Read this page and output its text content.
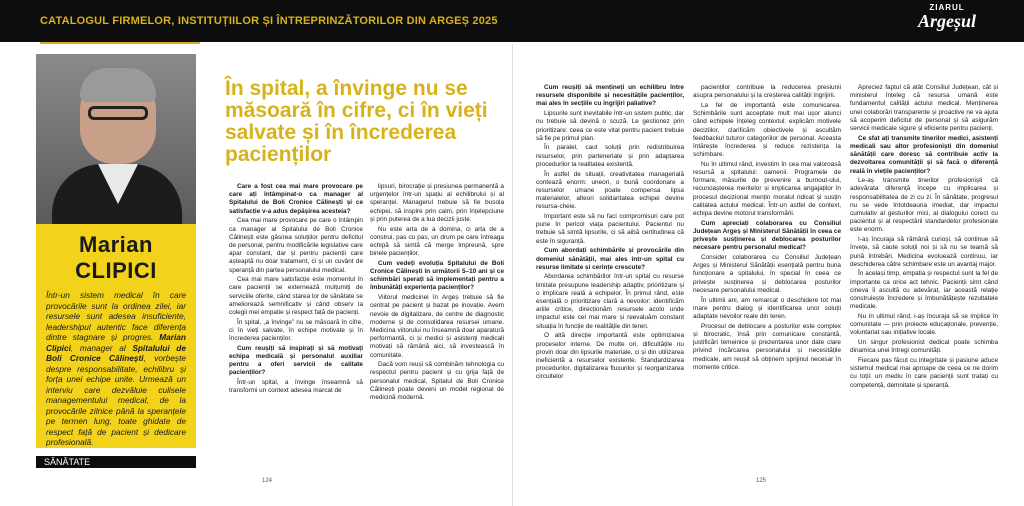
CATALOGUL FIRMELOR, INSTITUȚIILOR ȘI ÎNTREPRINZĂTORILOR DIN ARGEȘ 2025
ZIARUL
Argeșul
Marian
CLIPICI
Într-un sistem medical în care provocările sunt la ordinea zilei, iar resursele sunt adesea insuficiente, leadershipul autentic face diferența dintre stagnare și progres. Marian Clipici, manager al Spitalului de Boli Cronice Călinești, vorbește despre responsabilitate, echilibru și forța unei echipe unite. Urmează un interviu care dezvăluie culisele managementului medical, de la provocările zilnice până la speranțele pe termen lung, toate ghidate de respect față de pacient și dedicare profesională.
SĂNĂTATE
În spital, a învinge nu se măsoară în cifre, ci în vieți salvate și în încrederea pacienților

Care a fost cea mai mare provocare pe care ați întâmpinat-o ca manager al Spitalului de Boli Cronice Călinești și ce satisfacție v-a adus depășirea acesteia?

Cea mai mare provocare pe care o întâmpin ca manager al Spitalului de Boli Cronice Călinești este găsirea soluțiilor pentru deficitul de personal, pentru modificările legislative care apar constant, dar și pentru pacienții care așteaptă nu doar tratament, ci și un cuvânt de speranță din partea personalului medical.

Cea mai mare satisfacție este momentul în care pacienții se externează mulțumiți de serviciile oferite, când starea lor de sănătate se ameliorează semnificativ și când observ la colegii mei empatie și respect față de pacienți.

În spital, „a învinge” nu se măsoară în cifre, ci în vieți salvate, în echipe motivate și în încrederea pacienților.

Cum reușiți să inspirați și să motivați echipa medicală și personalul auxiliar pentru a oferi servicii de calitate pacienților?

Într-un spital, a învinge înseamnă să transformi un context adesea marcat de

lipsuri, birocrație și presiunea permanentă a urgențelor într-un spațiu al echilibrului și al speranței. Managerul trebuie să fie busola echipei, să inspire prin calm, prin înțelepciune și prin puterea de a lua decizii juste.

Nu este arta de a domina, ci arta de a construi, pas cu pas, un drum pe care întreaga echipă să simtă că merge împreună, spre binele pacienților.

Cum vedeți evoluția Spitalului de Boli Cronice Călinești în următorii 5–10 ani și ce schimbări sperați să implementați pentru a îmbunătăți experiența pacienților?

Viitorul medicinei în Argeș trebuie să fie centrat pe pacient și bazat pe inovație. Avem nevoie de digitalizare, de centre de diagnostic moderne și de consolidarea resursei umane. Medicina viitorului nu înseamnă doar aparatură performantă, ci și medici și asistenți medicali motivați să rămână aici, să investească în comunitate.

Dacă vom reuși să combinăm tehnologia cu respectul pentru pacient și cu grija față de personalul medical, Spitalul de Boli Cronice Călinești poate deveni un model regional de medicină modernă.

Cum reușiți să mențineți un echilibru între resursele disponibile și necesitățile pacienților, mai ales în secțiile cu îngrijiri paliative?

Lipsurile sunt inevitabile într-un sistem public, dar nu trebuie să devină o scuză. Le gestionez prin prioritizare: ceea ce este vital pentru pacient trebuie să fie pe primul plan.

În paralel, caut soluții prin redistribuirea resurselor, prin parteneriate și prin adaptarea procedurilor la realitatea existentă.

În astfel de situații, creativitatea managerială contează enorm: uneori, o bună coordonare a resurselor umane poate compensa lipsa materialelor, alteori solidaritatea echipei devine resursa-cheie.

Important este să nu faci compromisuri care pot pune în pericol viața pacientului. Pacientul nu trebuie să simtă lipsurile, ci să aibă certitudinea că este în siguranță.

Cum abordați schimbările și provocările din domeniul sănătății, mai ales într-un spital cu resurse limitate și cerințe crescute?

Abordarea schimbărilor într-un spital cu resurse limitate presupune leadership adaptiv, prioritizare și o implicare reală a echipelor. În primul rând, este esențială o prioritizare clară a nevoilor: identificăm ariile critice, direcționăm resursele acolo unde impactul este cel mai mare și reevaluăm constant situația în funcție de realitățile din teren.

O altă direcție importantă este optimizarea proceselor interne. De multe ori, dificultățile nu provin doar din lipsurile materiale, ci și din utilizarea ineficientă a resurselor existente. Standardizarea procedurilor, digitalizarea fluxurilor și reorganizarea circuitelor

pacienților contribuie la reducerea presiunii asupra personalului și la creșterea calității îngrijirii.

La fel de importantă este comunicarea. Schimbările sunt acceptate mult mai ușor atunci când echipele înțeleg contextul: explicăm motivele deciziilor, clarificăm obiectivele și ascultăm feedbackul tuturor categoriilor de personal. Aceasta întărește încrederea și reduce rezistența la schimbare.

Nu în ultimul rând, investim în cea mai valoroasă resursă a spitalului: oamenii. Programele de formare, măsurile de prevenire a burnout-ului, recunoașterea meritelor și implicarea angajaților în procesul decizional mențin moralul ridicat și susțin calitatea actului medical. Într-un astfel de context, echipa devine motorul transformării.

Cum apreciați colaborarea cu Consiliul Județean Argeș și Ministerul Sănătății în ceea ce privește susținerea și deblocarea posturilor necesare pentru personalul medical?

Consider colaborarea cu Consiliul Județean Argeș și Ministerul Sănătății esențială pentru buna funcționare a spitalului, în special în ceea ce privește susținerea și deblocarea posturilor necesare personalului medical.

În ultimii ani, am remarcat o deschidere tot mai mare pentru dialog și identificarea unor soluții adaptate nevoilor reale din teren.

Procesul de deblocare a posturilor este complex și birocratic, însă prin comunicare constantă, justificări temeinice și prezentarea unor date clare privind încărcarea personalului și necesitățile medicale, am reușit să obținem sprijinul necesar în momente critice.

Apreciez faptul că atât Consiliul Județean, cât și ministerul înțeleg că resursa umană este fundamentul calității actului medical. Menținerea unei colaborări transparente și proactive ne va ajuta să acoperim deficitul de personal și să asigurăm servicii medicale sigure și eficiente pentru pacienți.

Ce sfat ați transmite tinerilor medici, asistenți medicali sau altor profesioniști din domeniul sănătății care doresc să contribuie activ la dezvoltarea comunității și să facă o diferență reală în viețile pacienților?

Le-aș transmite tinerilor profesioniști că adevărata diferență începe cu implicarea și responsabilitatea de zi cu zi. În sănătate, progresul nu se vede întotdeauna imediat, dar impactul cumulativ al gesturilor mici, al dialogului corect cu pacientul și al respectării standardelor profesionale este enorm.

I-aș încuraja să rămână curioși, să continue să învețe, să caute soluții noi și să nu se teamă să pună întrebări. Medicina evoluează continuu, iar deschiderea către schimbare este un avantaj major.

În același timp, empatia și respectul sunt la fel de importante ca orice act tehnic. Pacienții simt când cineva îi ascultă cu adevărat, iar această relație construiește încredere și îmbunătățește rezultatele medicale.

Nu în ultimul rând, i-aș încuraja să se implice în comunitate — prin proiecte educaționale, prevenție, voluntariat sau inițiative locale.

Un singur profesionist dedicat poate schimba dinamica unei întregi comunități.

Fiecare pas făcut cu integritate și pasiune aduce sistemul medical mai aproape de ceea ce ne dorim cu toții: un mediu în care pacienții sunt tratați cu competență, demnitate și speranță.

124	125
